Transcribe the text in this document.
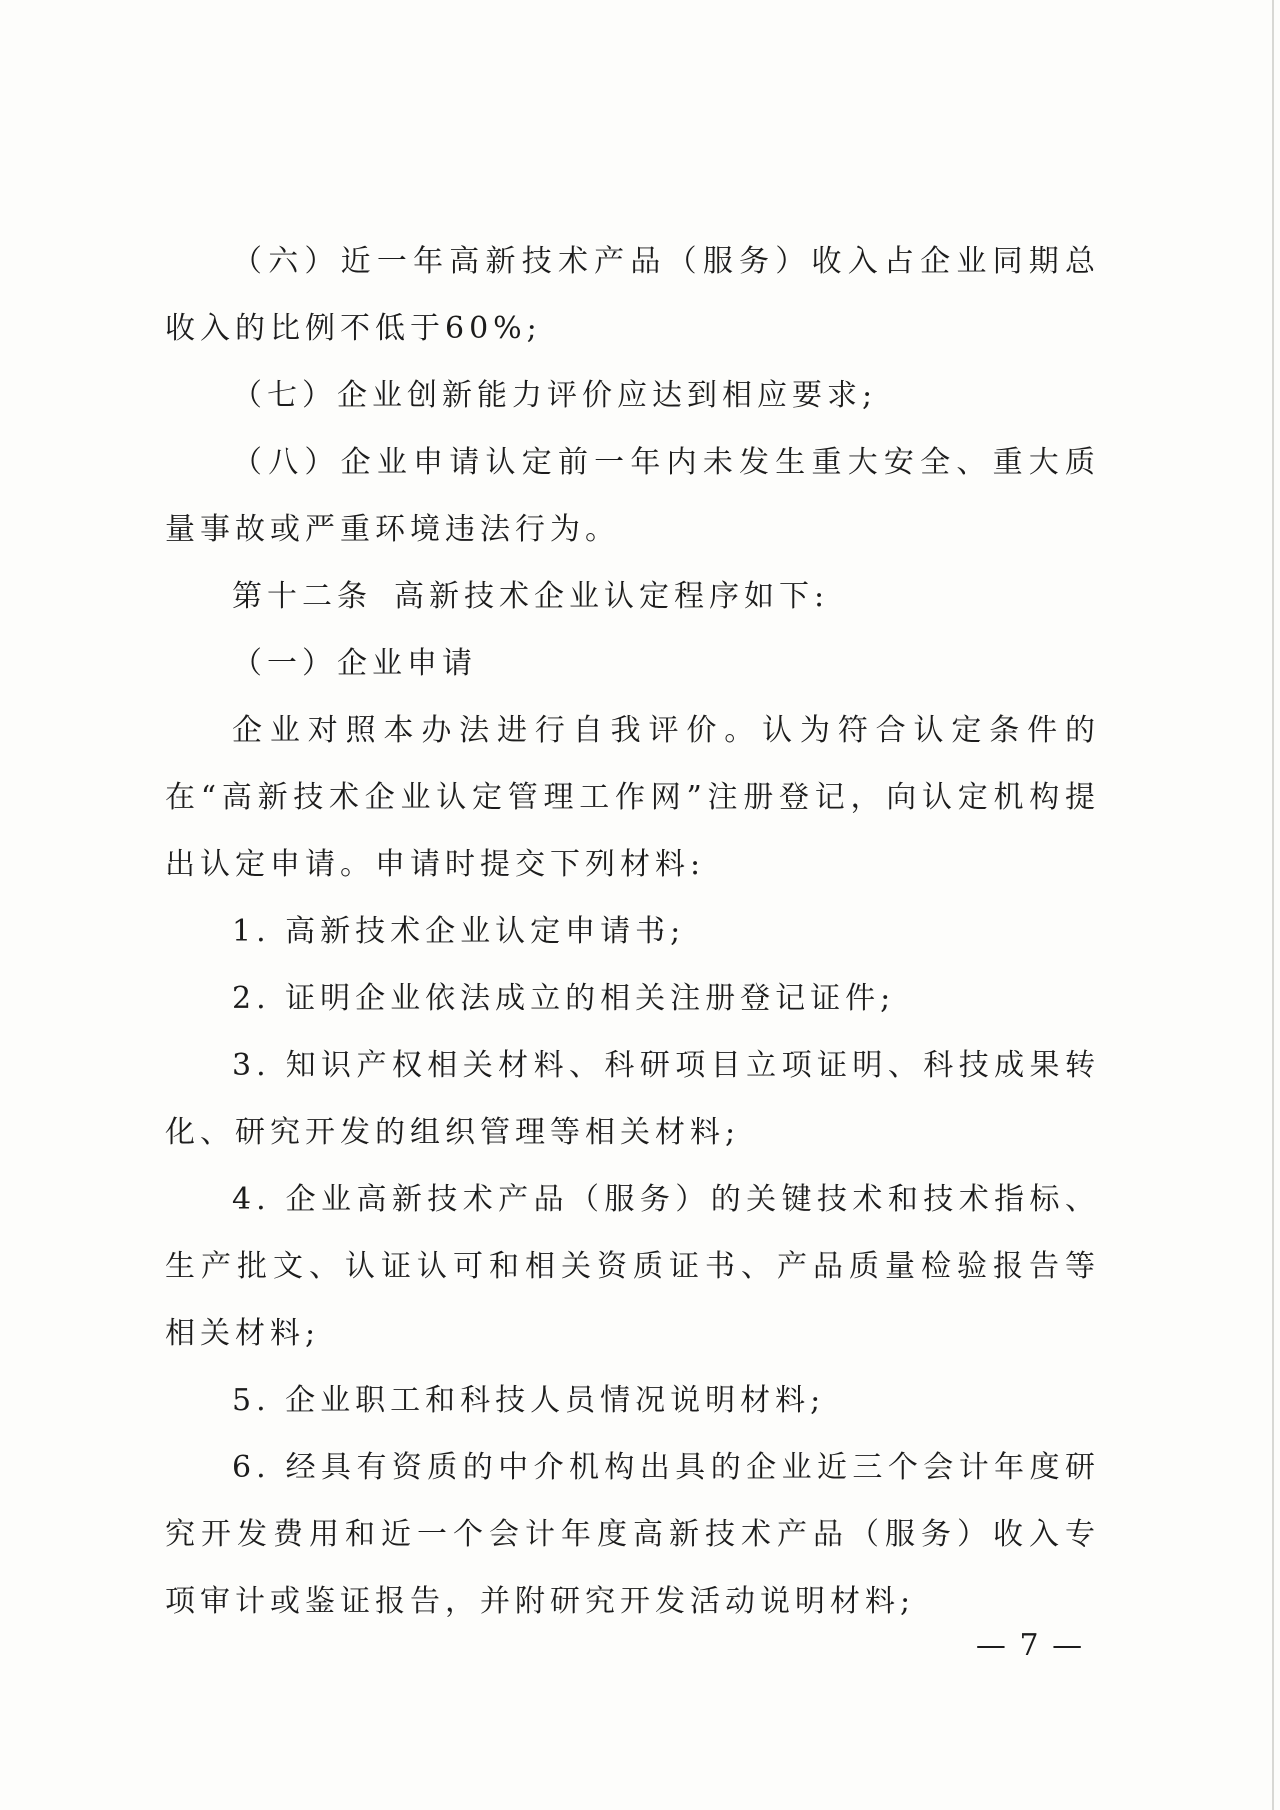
（六）近一年高新技术产品（服务）收入占企业同期总收入的比例不低于60%;

（七）企业创新能力评价应达到相应要求;

（八）企业申请认定前一年内未发生重大安全、重大质量事故或严重环境违法行为。

第十二条 高新技术企业认定程序如下:

（一）企业申请

企业对照本办法进行自我评价。认为符合认定条件的在“高新技术企业认定管理工作网”注册登记，向认定机构提出认定申请。申请时提交下列材料:

1. 高新技术企业认定申请书;

2. 证明企业依法成立的相关注册登记证件;

3. 知识产权相关材料、科研项目立项证明、科技成果转化、研究开发的组织管理等相关材料;

4. 企业高新技术产品（服务）的关键技术和技术指标、生产批文、认证认可和相关资质证书、产品质量检验报告等相关材料;

5. 企业职工和科技人员情况说明材料;

6. 经具有资质的中介机构出具的企业近三个会计年度研究开发费用和近一个会计年度高新技术产品（服务）收入专项审计或鉴证报告，并附研究开发活动说明材料;

— 7 —
